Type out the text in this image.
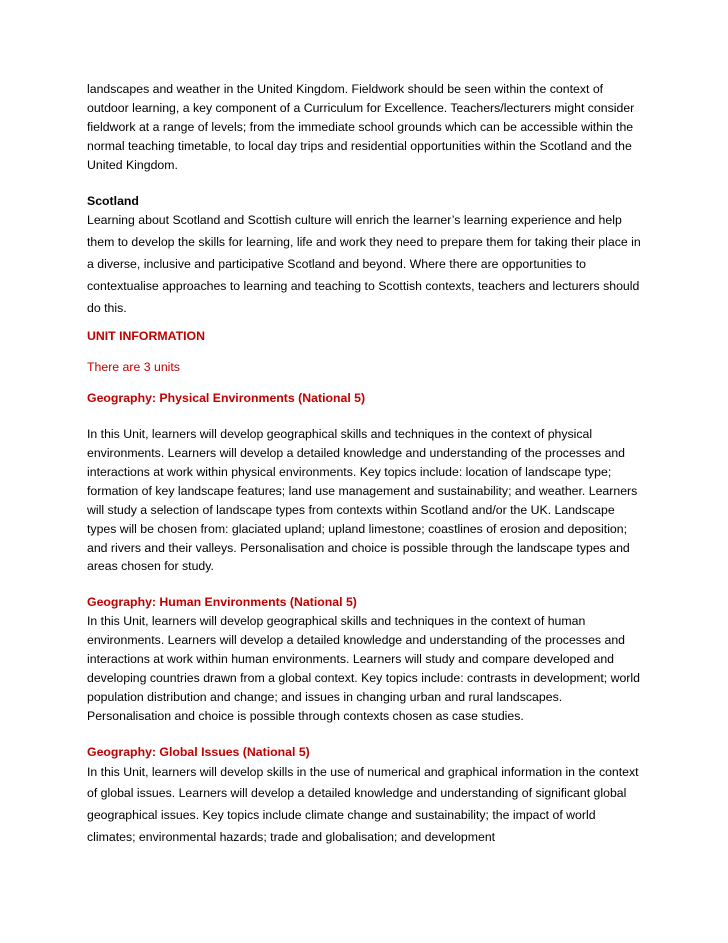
landscapes and weather in the United Kingdom. Fieldwork should be seen within the context of outdoor learning, a key component of a Curriculum for Excellence. Teachers/lecturers might consider fieldwork at a range of levels; from the immediate school grounds which can be accessible within the normal teaching timetable, to local day trips and residential opportunities within the Scotland and the United Kingdom.

Scotland

Learning about Scotland and Scottish culture will enrich the learner’s learning experience and help them to develop the skills for learning, life and work they need to prepare them for taking their place in a diverse, inclusive and participative Scotland and beyond. Where there are opportunities to contextualise approaches to learning and teaching to Scottish contexts, teachers and lecturers should do this.

UNIT INFORMATION

There are 3 units

Geography: Physical Environments (National 5)

In this Unit, learners will develop geographical skills and techniques in the context of physical environments. Learners will develop a detailed knowledge and understanding of the processes and interactions at work within physical environments. Key topics include: location of landscape type; formation of key landscape features; land use management and sustainability; and weather. Learners will study a selection of landscape types from contexts within Scotland and/or the UK. Landscape types will be chosen from: glaciated upland; upland limestone; coastlines of erosion and deposition; and rivers and their valleys. Personalisation and choice is possible through the landscape types and areas chosen for study.

Geography: Human Environments (National 5)

In this Unit, learners will develop geographical skills and techniques in the context of human environments. Learners will develop a detailed knowledge and understanding of the processes and interactions at work within human environments. Learners will study and compare developed and developing countries drawn from a global context. Key topics include: contrasts in development; world population distribution and change; and issues in changing urban and rural landscapes. Personalisation and choice is possible through contexts chosen as case studies.

Geography: Global Issues (National 5)

In this Unit, learners will develop skills in the use of numerical and graphical information in the context of global issues. Learners will develop a detailed knowledge and understanding of significant global geographical issues. Key topics include climate change and sustainability; the impact of world climates; environmental hazards; trade and globalisation; and development
